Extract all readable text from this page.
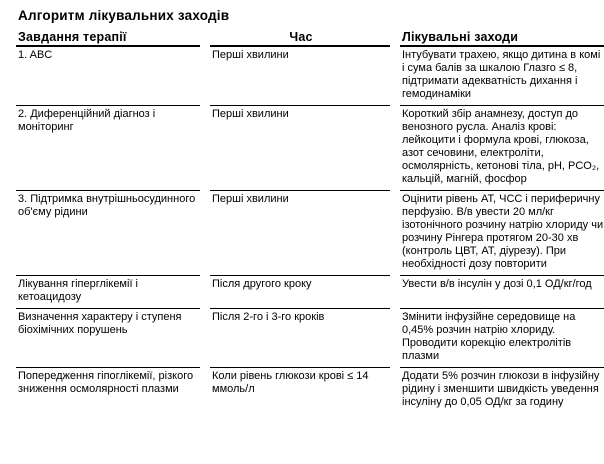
Алгоритм лікувальних заходів
Завдання терапії	Час	Лікувальні заходи
1. ABC	Перші хвилини	Інтубувати трахею, якщо дитина в комі і сума балів за шкалою Глазго ≤ 8, підтримати адекватність дихання і гемодинаміки
2. Диференційний діагноз і моніторинг	Перші хвилини	Короткий збір анамнезу, доступ до венозного русла. Аналіз крові: лейкоцити і формула крові, глюкоза, азот сечовини, електроліти, осмолярність, кетонові тіла, pH, PCO₂, кальцій, магній, фосфор
3. Підтримка внутрішньосудинного об'єму рідини	Перші хвилини	Оцінити рівень АТ, ЧСС і периферичну перфузію. В/в увести 20 мл/кг ізотонічного розчину натрію хлориду чи розчину Рінгера протягом 20-30 хв (контроль ЦВТ, АТ, діурезу). При необхідності дозу повторити
Лікування гіперглікемії і кетоацидозу	Після другого кроку	Увести в/в інсулін у дозі 0,1 ОД/кг/год
Визначення характеру і ступеня біохімічних порушень	Після 2-го і 3-го кроків	Змінити інфузійне середовище на 0,45% розчин натрію хлориду. Проводити корекцію електролітів плазми
Попередження гіпоглікемії, різкого зниження осмолярності плазми	Коли рівень глюкози крові ≤ 14 ммоль/л	Додати 5% розчин глюкози в інфузійну рідину і зменшити швидкість уведення інсуліну до 0,05 ОД/кг за годину
